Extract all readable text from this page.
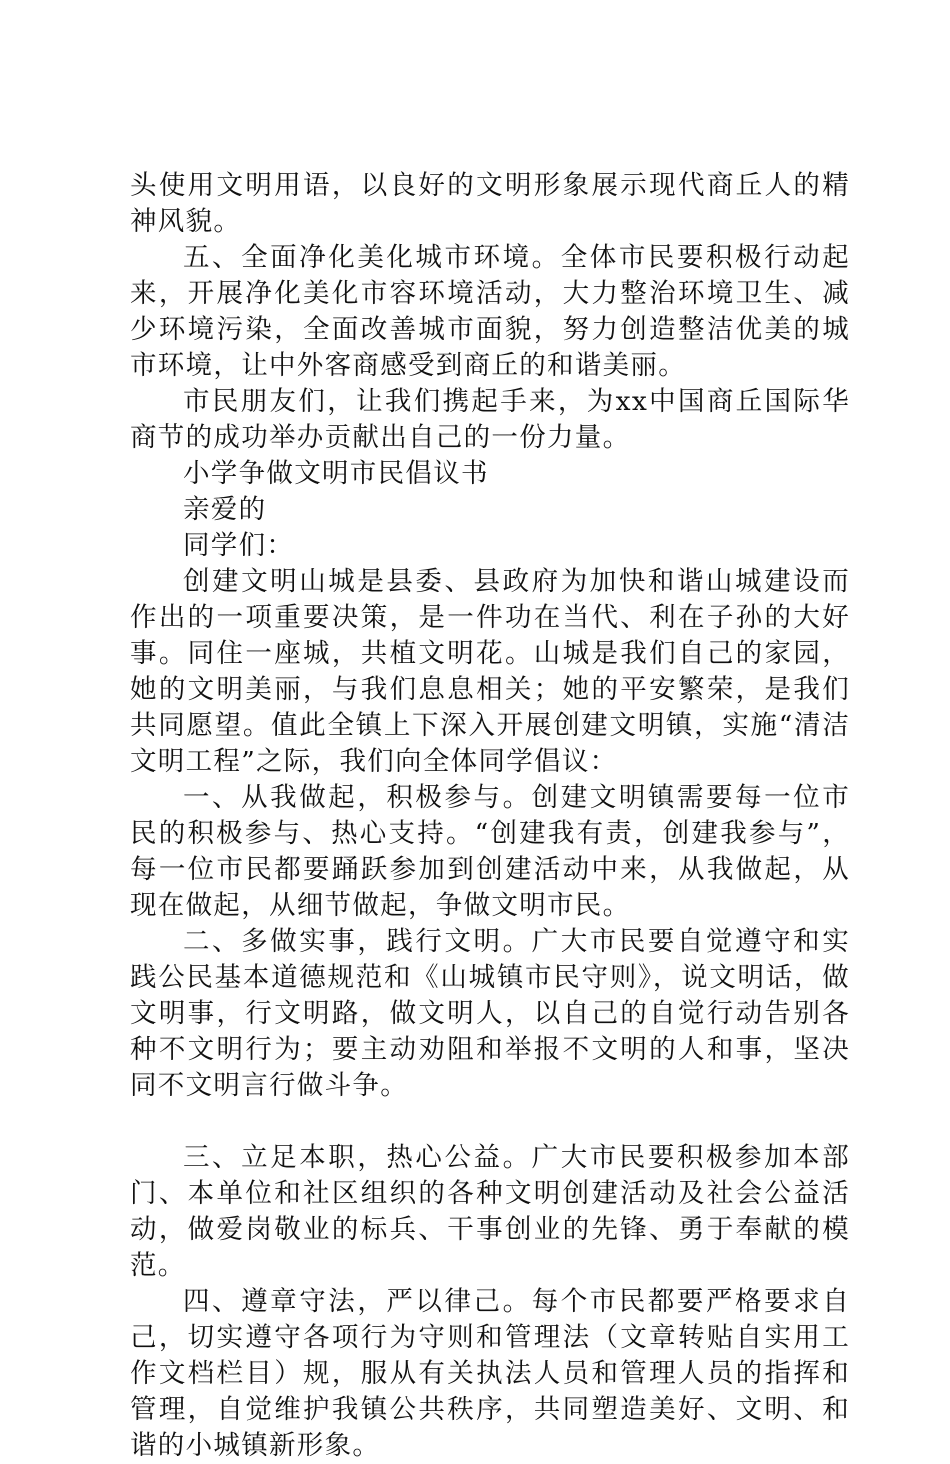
头使用文明用语，以良好的文明形象展示现代商丘人的精神风貌。

五、全面净化美化城市环境。全体市民要积极行动起来，开展净化美化市容环境活动，大力整治环境卫生、减少环境污染，全面改善城市面貌，努力创造整洁优美的城市环境，让中外客商感受到商丘的和谐美丽。

市民朋友们，让我们携起手来，为xx中国商丘国际华商节的成功举办贡献出自己的一份力量。

小学争做文明市民倡议书

亲爱的

同学们：

创建文明山城是县委、县政府为加快和谐山城建设而作出的一项重要决策，是一件功在当代、利在子孙的大好事。同住一座城，共植文明花。山城是我们自己的家园，她的文明美丽，与我们息息相关；她的平安繁荣，是我们共同愿望。值此全镇上下深入开展创建文明镇，实施“清洁文明工程”之际，我们向全体同学倡议：

一、从我做起，积极参与。创建文明镇需要每一位市民的积极参与、热心支持。“创建我有责，创建我参与”，每一位市民都要踊跃参加到创建活动中来，从我做起，从现在做起，从细节做起，争做文明市民。

二、多做实事，践行文明。广大市民要自觉遵守和实践公民基本道德规范和《山城镇市民守则》，说文明话，做文明事，行文明路，做文明人，以自己的自觉行动告别各种不文明行为；要主动劝阻和举报不文明的人和事，坚决同不文明言行做斗争。

三、立足本职，热心公益。广大市民要积极参加本部门、本单位和社区组织的各种文明创建活动及社会公益活动，做爱岗敬业的标兵、干事创业的先锋、勇于奉献的模范。

四、遵章守法，严以律己。每个市民都要严格要求自己，切实遵守各项行为守则和管理法（文章转贴自实用工作文档栏目）规，服从有关执法人员和管理人员的指挥和管理，自觉维护我镇公共秩序，共同塑造美好、文明、和谐的小城镇新形象。
